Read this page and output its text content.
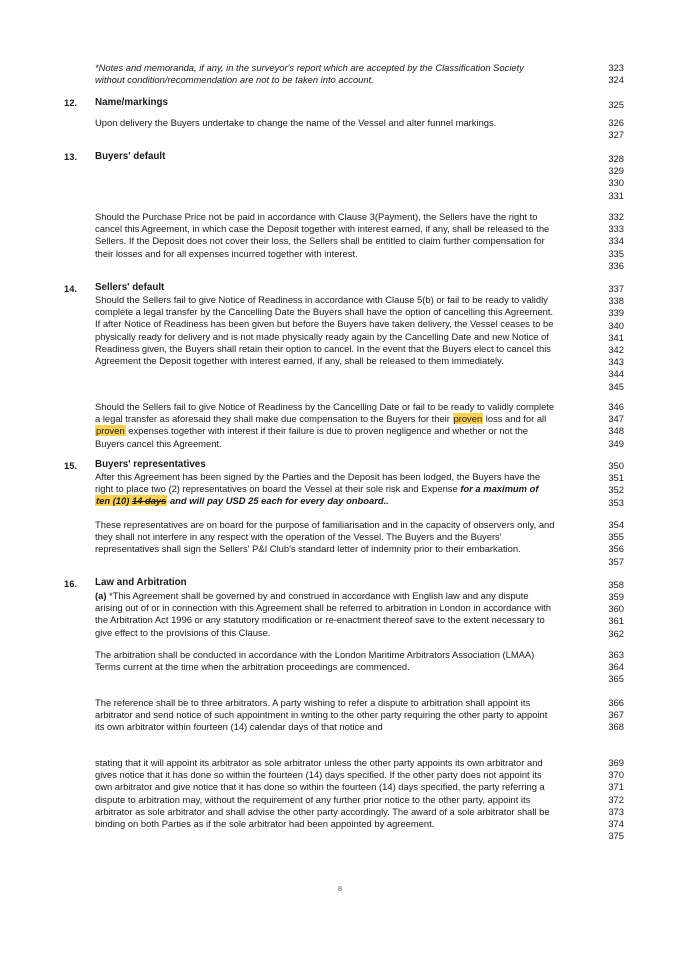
*Notes and memoranda, if any, in the surveyor's report which are accepted by the Classification Society without condition/recommendation are not to be taken into account.
323
324
12. Name/markings	325
Upon delivery the Buyers undertake to change the name of the Vessel and alter funnel markings.	326
327
13. Buyers' default	328
329
330
331
Should the Purchase Price not be paid in accordance with Clause 3(Payment), the Sellers have the right to cancel this Agreement, in which case the Deposit together with interest earned, if any, shall be released to the Sellers. If the Deposit does not cover their loss, the Sellers shall be entitled to claim further compensation for their losses and for all expenses incurred together with interest.
332
333
334
335
336
14. Sellers' default
Should the Sellers fail to give Notice of Readiness in accordance with Clause 5(b) or fail to be ready to validly complete a legal transfer by the Cancelling Date the Buyers shall have the option of cancelling this Agreement. If after Notice of Readiness has been given but before the Buyers have taken delivery, the Vessel ceases to be physically ready for delivery and is not made physically ready again by the Cancelling Date and new Notice of Readiness given, the Buyers shall retain their option to cancel. In the event that the Buyers elect to cancel this Agreement the Deposit together with interest earned, if any, shall be released to them immediately.
337
338
339
340
341
342
343
344
345
Should the Sellers fail to give Notice of Readiness by the Cancelling Date or fail to be ready to validly complete a legal transfer as aforesaid they shall make due compensation to the Buyers for their proven loss and for all proven expenses together with interest if their failure is due to proven negligence and whether or not the Buyers cancel this Agreement.
346
347
348
349
15. Buyers' representatives
After this Agreement has been signed by the Parties and the Deposit has been lodged, the Buyers have the right to place two (2) representatives on board the Vessel at their sole risk and Expense for a maximum of ten (10) 14 days and will pay USD 25 each for every day onboard..
350
351
352
353
These representatives are on board for the purpose of familiarisation and in the capacity of observers only, and they shall not interfere in any respect with the operation of the Vessel. The Buyers and the Buyers' representatives shall sign the Sellers' P&I Club's standard letter of indemnity prior to their embarkation.
354
355
356
357
16. Law and Arbitration	358
(a) *This Agreement shall be governed by and construed in accordance with English law and any dispute arising out of or in connection with this Agreement shall be referred to arbitration in London in accordance with the Arbitration Act 1996 or any statutory modification or re-enactment thereof save to the extent necessary to give effect to the provisions of this Clause.
359
360
361
362
The arbitration shall be conducted in accordance with the London Maritime Arbitrators Association (LMAA) Terms current at the time when the arbitration proceedings are commenced.
363
364
365
The reference shall be to three arbitrators. A party wishing to refer a dispute to arbitration shall appoint its arbitrator and send notice of such appointment in writing to the other party requiring the other party to appoint its own arbitrator within fourteen (14) calendar days of that notice and
366
367
368
stating that it will appoint its arbitrator as sole arbitrator unless the other party appoints its own arbitrator and gives notice that it has done so within the fourteen (14) days specified. If the other party does not appoint its own arbitrator and give notice that it has done so within the fourteen (14) days specified, the party referring a dispute to arbitration may, without the requirement of any further prior notice to the other party, appoint its arbitrator as sole arbitrator and shall advise the other party accordingly. The award of a sole arbitrator shall be binding on both Parties as if the sole arbitrator had been appointed by agreement.
369
370
371
372
373
374
375
8
